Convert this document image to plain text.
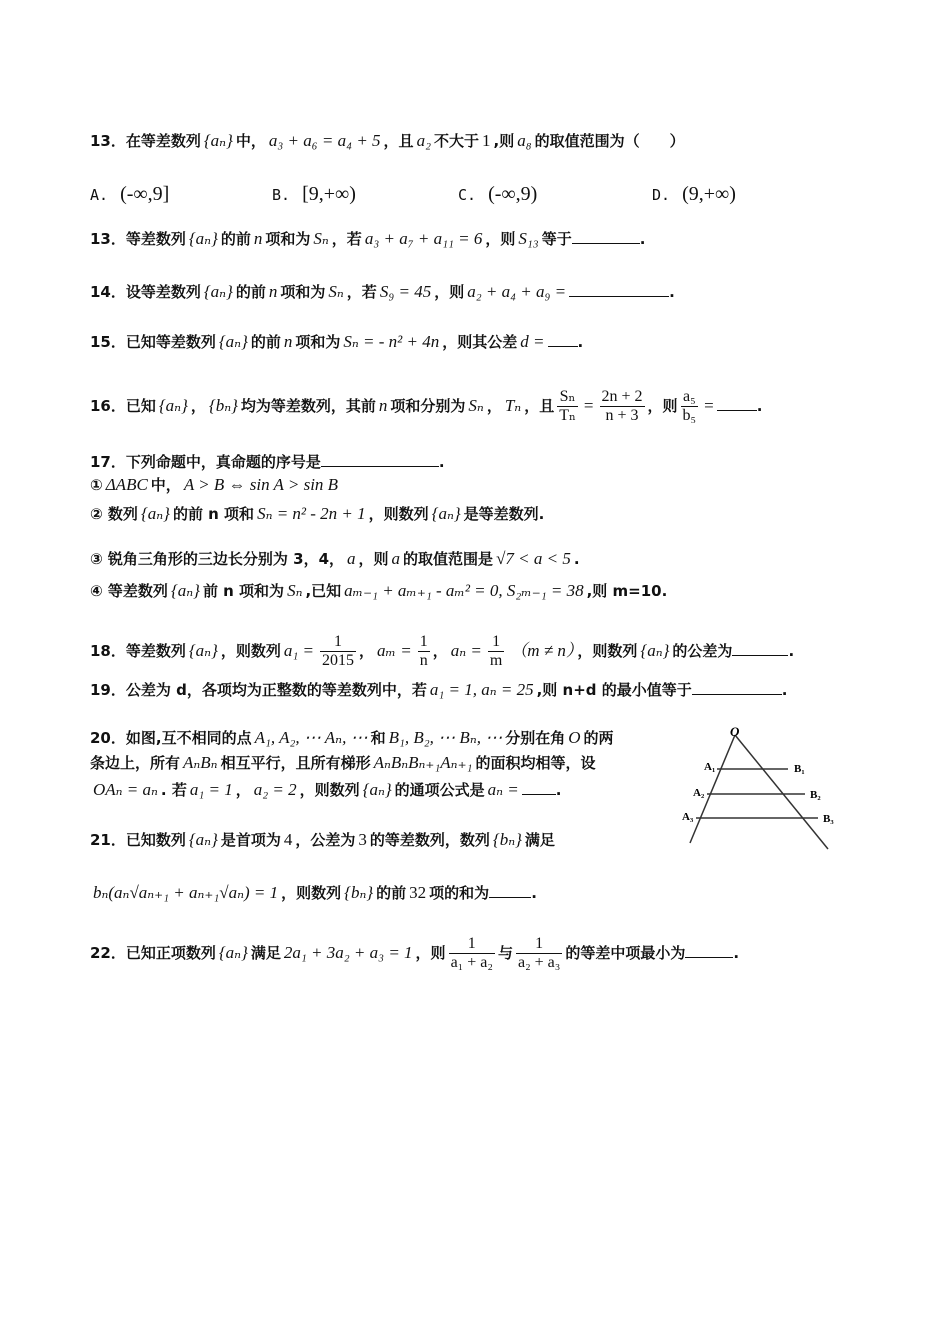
13．在等差数列 {aₙ} 中， a₃ + a₆ = a₄ + 5 ，且 a₂ 不大于 1 ,则 a₈ 的取值范围为（　　）
A. (-∞,9]	B. [9,+∞)	C. (-∞,9)	D. (9,+∞)
13．等差数列 {aₙ} 的前 n 项和为 Sₙ ，若 a₃ + a₇ + a₁₁ = 6 ，则 S₁₃ 等于	.
14．设等差数列 {aₙ} 的前 n 项和为 Sₙ ，若 S₉ = 45 ，则 a₂ + a₄ + a₉ =	.
15．已知等差数列 {aₙ} 的前 n 项和为 Sₙ = - n² + 4n ，则其公差 d = .
16．已知 {aₙ} ， {bₙ} 均为等差数列，其前 n 项和分别为 Sₙ ， Tₙ ，且 $\frac{\text{Sₙ}}{\text{Tₙ}} = \frac{2n + 2}{n + 3}$ ，则 $\frac{\text{a₅}}{\text{b₅}}$ =	.
17．下列命题中，真命题的序号是	.
① ΔABC 中， A > B ⇔ sin A > sin B
② 数列 {aₙ} 的前 n 项和 Sₙ = n² - 2n + 1 ，则数列 {aₙ} 是等差数列.
③ 锐角三角形的三边长分别为 3，4， a ，则 a 的取值范围是 √7 < a < 5 .
④ 等差数列 {aₙ} 前 n 项和为 Sₙ ,已知 aₘ₋₁ + aₘ₊₁ - aₘ² = 0, S₂ₘ₋₁ = 38 ,则 m=10.
18．等差数列 {aₙ} ，则数列 $a_1 = \frac{1}{2015}$ ， $a_m = \frac{1}{n}$ ， $a_n = \frac{1}{m} (m \ne n)$ ，则数列 {aₙ} 的公差为	.
19．公差为 d，各项均为正整数的等差数列中，若 a₁ = 1, aₙ = 25 ,则 n+d 的最小值等于	.
20．如图,互不相同的点 A₁, A₂, ⋯ Aₙ, ⋯ 和 B₁, B₂, ⋯ Bₙ, ⋯ 分别在角 O 的两
条边上，所有 AₙBₙ 相互平行，且所有梯形 AₙBₙBₙ₊₁Aₙ₊₁ 的面积均相等，设
OAₙ = aₙ . 若 a₁ = 1 ， a₂ = 2 ，则数列 {aₙ} 的通项公式是 aₙ = .
O
A₁	B₁
A₂	B₂
A₃	B₃
21．已知数列 {aₙ} 是首项为 4 ，公差为 3 的等差数列，数列 {bₙ} 满足
bₙ(aₙ√aₙ₊₁ + aₙ₊₁√aₙ) = 1 ，则数列 {bₙ} 的前 32 项的和为	.
22．已知正项数列 {aₙ} 满足 2a₁ + 3a₂ + a₃ = 1 ，则 $\frac{1}{\text{a₁ + a₂}}$ 与 $\frac{1}{\text{a₂ + a₃}}$ 的等差中项最小为	.
